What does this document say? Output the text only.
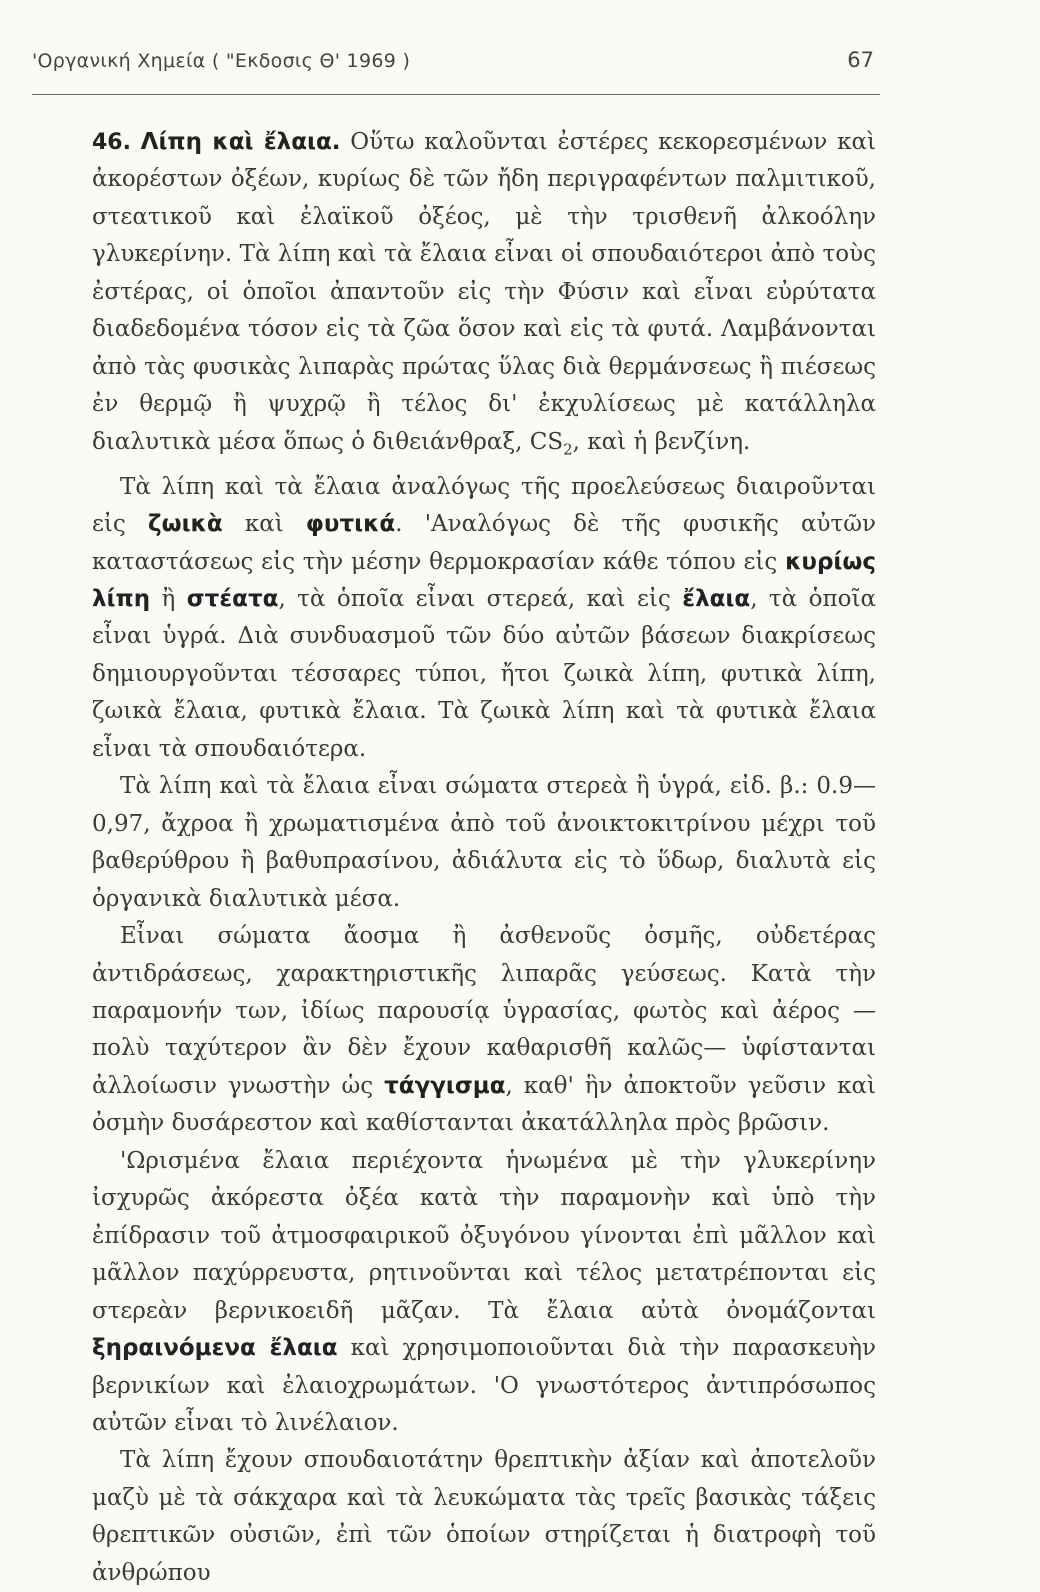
'Οργανική Χημεία ( "Εκδοσις Θ' 1969 )	67

46. Λίπη καὶ ἔλαια. Οὕτω καλοῦνται ἐστέρες κεκορεσμένων καὶ ἀκορέστων ὀξέων, κυρίως δὲ τῶν ἤδη περιγραφέντων παλμιτικοῦ, στεατικοῦ καὶ ἐλαϊκοῦ ὀξέος, μὲ τὴν τρισθενῆ ἀλκοόλην γλυκερίνην. Τὰ λίπη καὶ τὰ ἔλαια εἶναι οἱ σπουδαιότεροι ἀπὸ τοὺς ἐστέρας, οἱ ὁποῖοι ἀπαντοῦν εἰς τὴν Φύσιν καὶ εἶναι εὐρύτατα διαδεδομένα τόσον εἰς τὰ ζῶα ὅσον καὶ εἰς τὰ φυτά. Λαμβάνονται ἀπὸ τὰς φυσικὰς λιπαρὰς πρώτας ὕλας διὰ θερμάνσεως ἢ πιέσεως ἐν θερμῷ ἢ ψυχρῷ ἢ τέλος δι' ἐκχυλίσεως μὲ κατάλληλα διαλυτικὰ μέσα ὅπως ὁ διθειάνθραξ, $CS_2$, καὶ ἡ βενζίνη.

Τὰ λίπη καὶ τὰ ἔλαια ἀναλόγως τῆς προελεύσεως διαιροῦνται εἰς ζωικὰ καὶ φυτικά. 'Αναλόγως δὲ τῆς φυσικῆς αὐτῶν καταστάσεως εἰς τὴν μέσην θερμοκρασίαν κάθε τόπου εἰς κυρίως λίπη ἢ στέατα, τὰ ὁποῖα εἶναι στερεά, καὶ εἰς ἔλαια, τὰ ὁποῖα εἶναι ὑγρά. Διὰ συνδυασμοῦ τῶν δύο αὐτῶν βάσεων διακρίσεως δημιουργοῦνται τέσσαρες τύποι, ἤτοι ζωικὰ λίπη, φυτικὰ λίπη, ζωικὰ ἔλαια, φυτικὰ ἔλαια. Τὰ ζωικὰ λίπη καὶ τὰ φυτικὰ ἔλαια εἶναι τὰ σπουδαιότερα.

Τὰ λίπη καὶ τὰ ἔλαια εἶναι σώματα στερεὰ ἢ ὑγρά, εἰδ. β.: 0.9—0,97, ἄχροα ἢ χρωματισμένα ἀπὸ τοῦ ἀνοικτοκιτρίνου μέχρι τοῦ βαθερύθρου ἢ βαθυπρασίνου, ἀδιάλυτα εἰς τὸ ὕδωρ, διαλυτὰ εἰς ὀργανικὰ διαλυτικὰ μέσα.

Εἶναι σώματα ἄοσμα ἢ ἀσθενοῦς ὀσμῆς, οὐδετέρας ἀντιδράσεως, χαρακτηριστικῆς λιπαρᾶς γεύσεως. Κατὰ τὴν παραμονήν των, ἰδίως παρουσίᾳ ὑγρασίας, φωτὸς καὶ ἀέρος — πολὺ ταχύτερον ἂν δὲν ἔχουν καθαρισθῆ καλῶς— ὑφίστανται ἀλλοίωσιν γνωστὴν ὡς τάγγισμα, καθ' ἣν ἀποκτοῦν γεῦσιν καὶ ὀσμὴν δυσάρεστον καὶ καθίστανται ἀκατάλληλα πρὸς βρῶσιν.

'Ωρισμένα ἔλαια περιέχοντα ἡνωμένα μὲ τὴν γλυκερίνην ἰσχυρῶς ἀκόρεστα ὀξέα κατὰ τὴν παραμονὴν καὶ ὑπὸ τὴν ἐπίδρασιν τοῦ ἀτμοσφαιρικοῦ ὀξυγόνου γίνονται ἐπὶ μᾶλλον καὶ μᾶλλον παχύρρευστα, ρητινοῦνται καὶ τέλος μετατρέπονται εἰς στερεὰν βερνικοειδῆ μᾶζαν. Τὰ ἔλαια αὐτὰ ὀνομάζονται ξηραινόμενα ἔλαια καὶ χρησιμοποιοῦνται διὰ τὴν παρασκευὴν βερνικίων καὶ ἐλαιοχρωμάτων. 'Ο γνωστότερος ἀντιπρόσωπος αὐτῶν εἶναι τὸ λινέλαιον.

Τὰ λίπη ἔχουν σπουδαιοτάτην θρεπτικὴν ἀξίαν καὶ ἀποτελοῦν μαζὺ μὲ τὰ σάκχαρα καὶ τὰ λευκώματα τὰς τρεῖς βασικὰς τάξεις θρεπτικῶν οὐσιῶν, ἐπὶ τῶν ὁποίων στηρίζεται ἡ διατροφὴ τοῦ ἀνθρώπου
